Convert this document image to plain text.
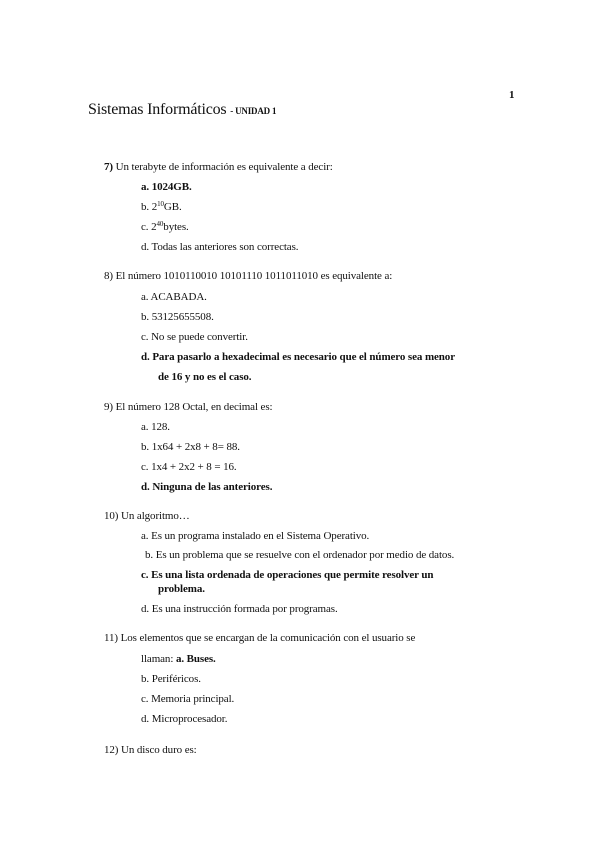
1
Sistemas Informáticos - UNIDAD 1
7) Un terabyte de información es equivalente a decir:
a. 1024GB.
b. $2^{10}GB$.
c. $2^{40}bytes$.
d. Todas las anteriores son correctas.
8) El número 1010110010 10101110 1011011010 es equivalente a:
a. ACABADA.
b. 53125655508.
c. No se puede convertir.
d. Para pasarlo a hexadecimal es necesario que el número sea menor
de 16 y no es el caso.
9) El número 128 Octal, en decimal es:
a. 128.
b. 1x64 + 2x8 + 8= 88.
c. 1x4 + 2x2 + 8 = 16.
d. Ninguna de las anteriores.
10) Un algoritmo…
a. Es un programa instalado en el Sistema Operativo.
b. Es un problema que se resuelve con el ordenador por medio de datos.
c. Es una lista ordenada de operaciones que permite resolver un
problema.
d. Es una instrucción formada por programas.
11) Los elementos que se encargan de la comunicación con el usuario se
llaman: a. Buses.
b. Periféricos.
c. Memoria principal.
d. Microprocesador.
12) Un disco duro es:
